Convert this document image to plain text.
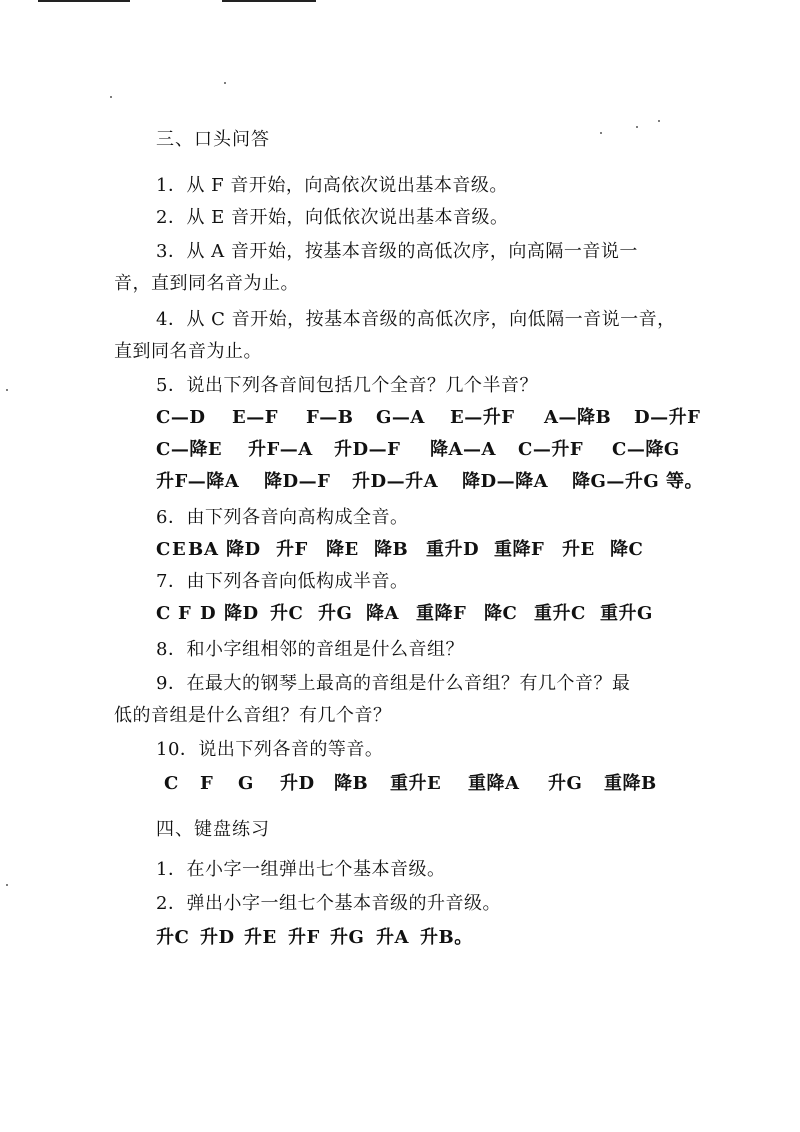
三、口头问答
1．从 F 音开始，向高依次说出基本音级。
2．从 E 音开始，向低依次说出基本音级。
3．从 A 音开始，按基本音级的高低次序，向高隔一音说一
音，直到同名音为止。
4．从 C 音开始，按基本音级的高低次序，向低隔一音说一音，
直到同名音为止。
5．说出下列各音间包括几个全音？几个半音？
C—D E—F F—B G—A E—升F A—降B D—升F
C—降E 升F—A 升D—F 降A—A C—升F C—降G
升F—降A 降D—F 升D—升A 降D—降A 降G—升G 等。
6．由下列各音向高构成全音。
CEBA 降D 升F 降E 降B 重升D 重降F 升E 降C
7．由下列各音向低构成半音。
C F D 降D 升C 升G 降A 重降F 降C 重升C 重升G
8．和小字组相邻的音组是什么音组？
9．在最大的钢琴上最高的音组是什么音组？有几个音？最
低的音组是什么音组？有几个音？
10．说出下列各音的等音。
C F G 升D 降B 重升E 重降A 升G 重降B
四、键盘练习
1．在小字一组弹出七个基本音级。
2．弹出小字一组七个基本音级的升音级。
升C 升D 升E 升F 升G 升A 升B。
